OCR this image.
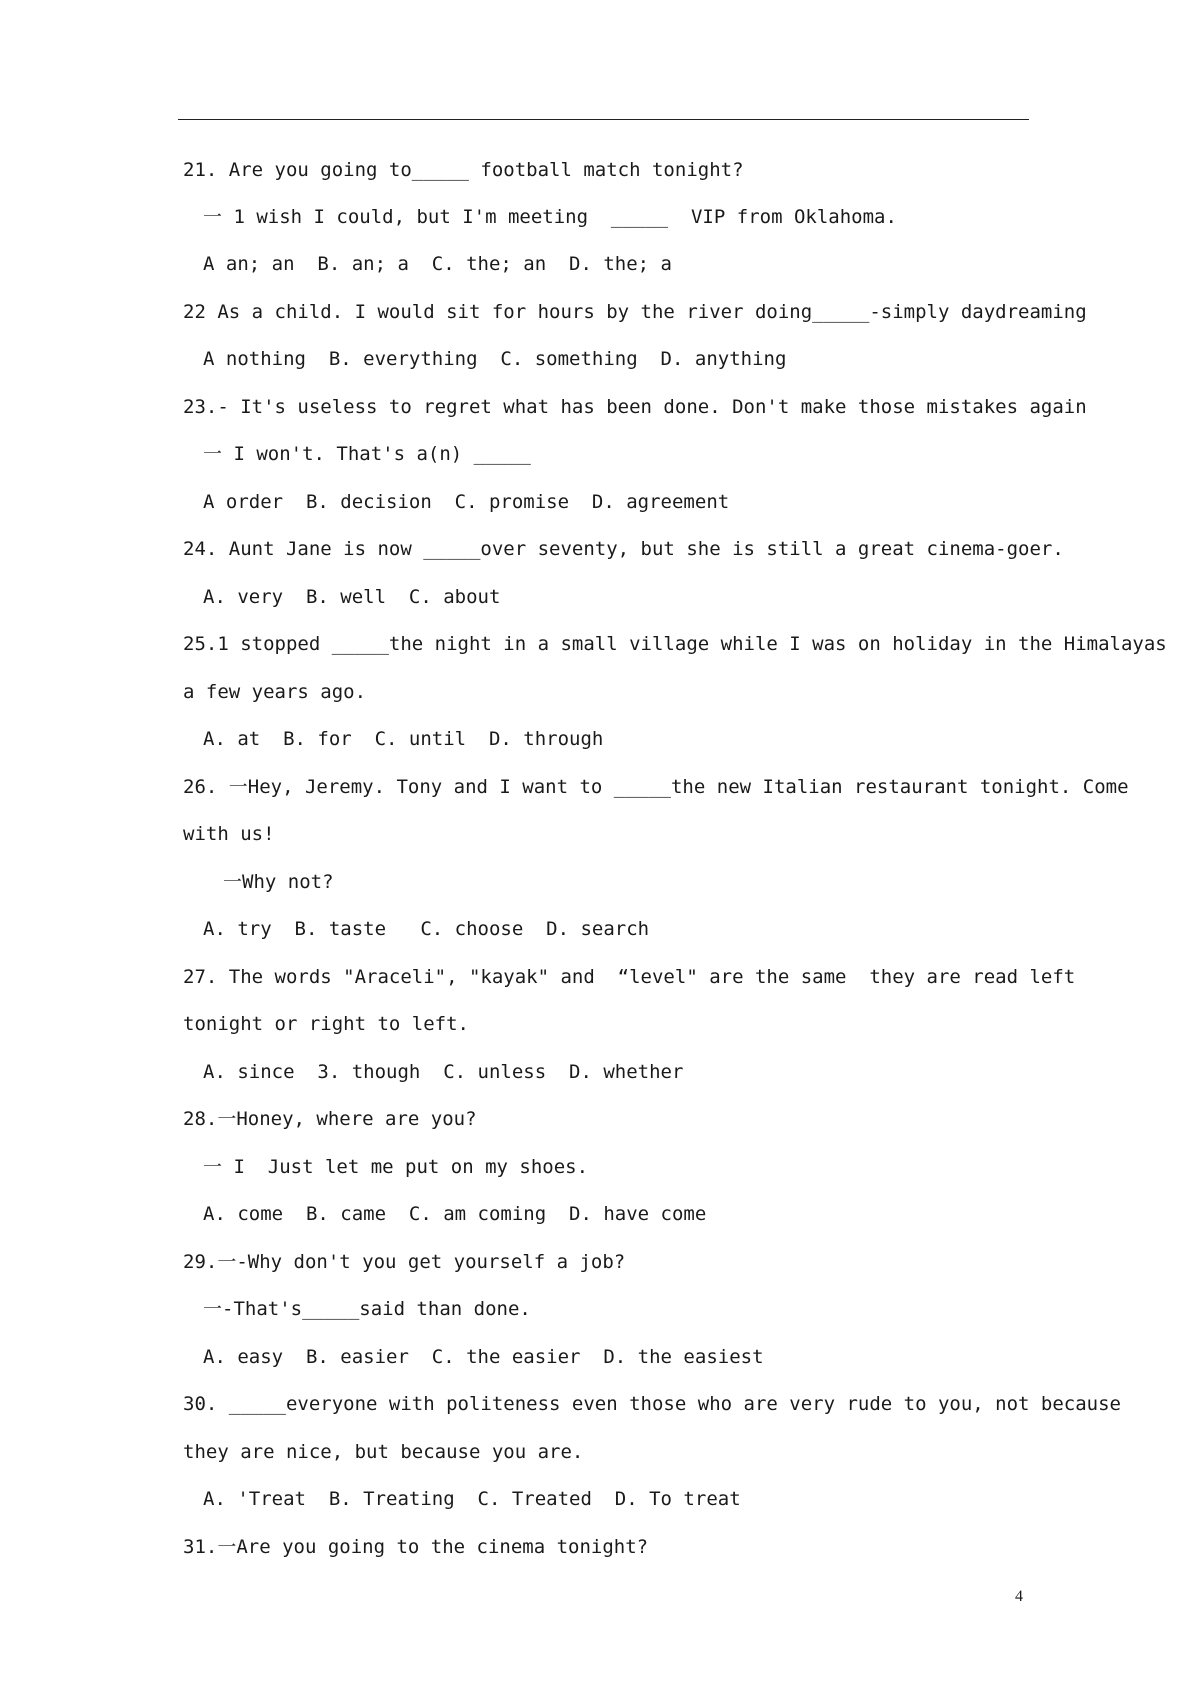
21. Are you going to_____ football match tonight?
一 1 wish I could, but I'm meeting  _____  VIP from Oklahoma.
A an; an  B. an; a  C. the; an  D. the; a
22 As a child. I would sit for hours by the river doing_____-simply daydreaming
A nothing  B. everything  C. something  D. anything
23.- It's useless to regret what has been done. Don't make those mistakes again
一 I won't. That's a(n) _____
A order  B. decision  C. promise  D. agreement
24. Aunt Jane is now _____over seventy, but she is still a great cinema-goer.
A. very  B. well  C. about
25.1 stopped _____the night in a small village while I was on holiday in the Himalayas
a few years ago.
A. at  B. for  C. until  D. through
26. 一Hey, Jeremy. Tony and I want to _____the new Italian restaurant tonight. Come
with us!
一Why not?
A. try  B. taste   C. choose  D. search
27. The words "Araceli", "kayak" and  “level" are the same  they are read left
tonight or right to left.
A. since  3. though  C. unless  D. whether
28.一Honey, where are you?
一 I  Just let me put on my shoes.
A. come  B. came  C. am coming  D. have come
29.一-Why don't you get yourself a job?
一-That's_____said than done.
A. easy  B. easier  C. the easier  D. the easiest
30. _____everyone with politeness even those who are very rude to you, not because
they are nice, but because you are.
A. 'Treat  B. Treating  C. Treated  D. To treat
31.一Are you going to the cinema tonight?
4
